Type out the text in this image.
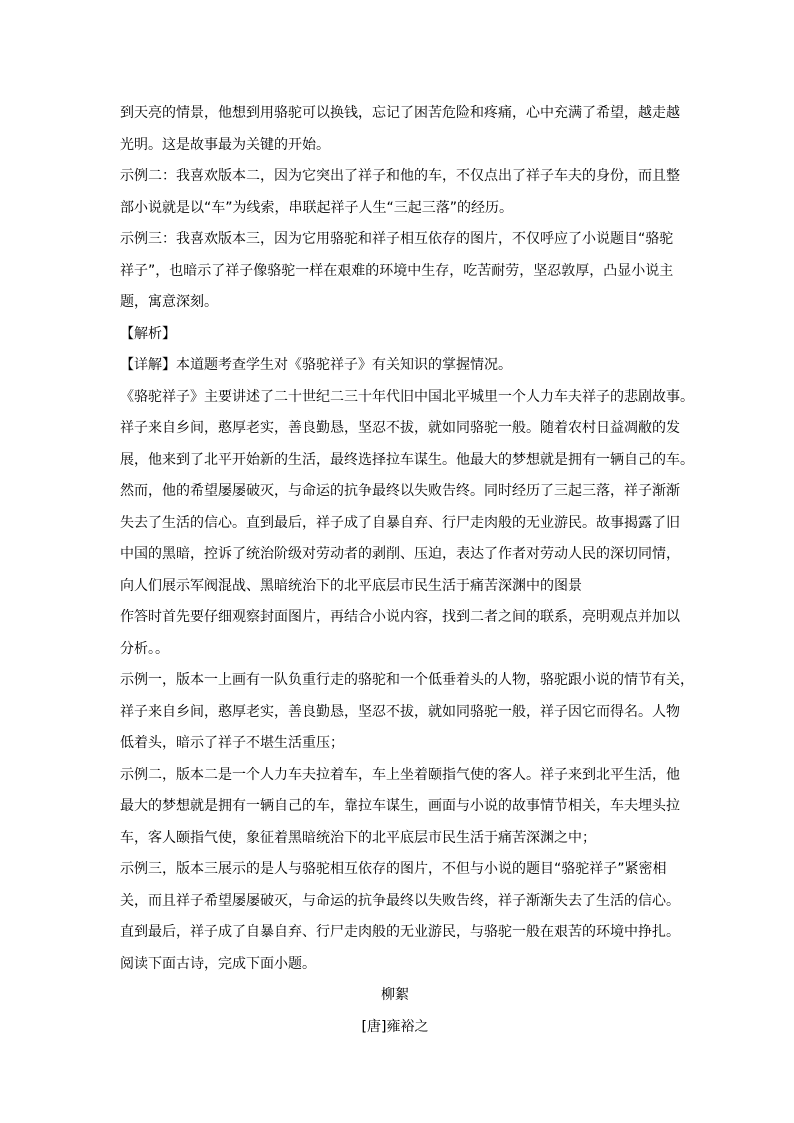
到天亮的情景，他想到用骆驼可以换钱，忘记了困苦危险和疼痛，心中充满了希望，越走越
光明。这是故事最为关键的开始。
示例二：我喜欢版本二，因为它突出了祥子和他的车，不仅点出了祥子车夫的身份，而且整
部小说就是以“车”为线索，串联起祥子人生“三起三落”的经历。
示例三：我喜欢版本三，因为它用骆驼和祥子相互依存的图片，不仅呼应了小说题目“骆驼
祥子”，也暗示了祥子像骆驼一样在艰难的环境中生存，吃苦耐劳，坚忍敦厚，凸显小说主
题，寓意深刻。
【解析】
【详解】本道题考查学生对《骆驼祥子》有关知识的掌握情况。
《骆驼祥子》主要讲述了二十世纪二三十年代旧中国北平城里一个人力车夫祥子的悲剧故事。
祥子来自乡间，憨厚老实，善良勤恳，坚忍不拔，就如同骆驼一般。随着农村日益凋敝的发
展，他来到了北平开始新的生活，最终选择拉车谋生。他最大的梦想就是拥有一辆自己的车。
然而，他的希望屡屡破灭，与命运的抗争最终以失败告终。同时经历了三起三落，祥子渐渐
失去了生活的信心。直到最后，祥子成了自暴自弃、行尸走肉般的无业游民。故事揭露了旧
中国的黑暗，控诉了统治阶级对劳动者的剥削、压迫，表达了作者对劳动人民的深切同情，
向人们展示军阀混战、黑暗统治下的北平底层市民生活于痛苦深渊中的图景
作答时首先要仔细观察封面图片，再结合小说内容，找到二者之间的联系，亮明观点并加以
分析。。
示例一，版本一上画有一队负重行走的骆驼和一个低垂着头的人物，骆驼跟小说的情节有关，
祥子来自乡间，憨厚老实，善良勤恳，坚忍不拔，就如同骆驼一般，祥子因它而得名。人物
低着头，暗示了祥子不堪生活重压；
示例二，版本二是一个人力车夫拉着车，车上坐着颐指气使的客人。祥子来到北平生活，他
最大的梦想就是拥有一辆自己的车，靠拉车谋生，画面与小说的故事情节相关，车夫埋头拉
车，客人颐指气使，象征着黑暗统治下的北平底层市民生活于痛苦深渊之中；
示例三，版本三展示的是人与骆驼相互依存的图片，不但与小说的题目“骆驼祥子”紧密相
关，而且祥子希望屡屡破灭，与命运的抗争最终以失败告终，祥子渐渐失去了生活的信心。
直到最后，祥子成了自暴自弃、行尸走肉般的无业游民，与骆驼一般在艰苦的环境中挣扎。
阅读下面古诗，完成下面小题。
柳絮
[唐]雍裕之
